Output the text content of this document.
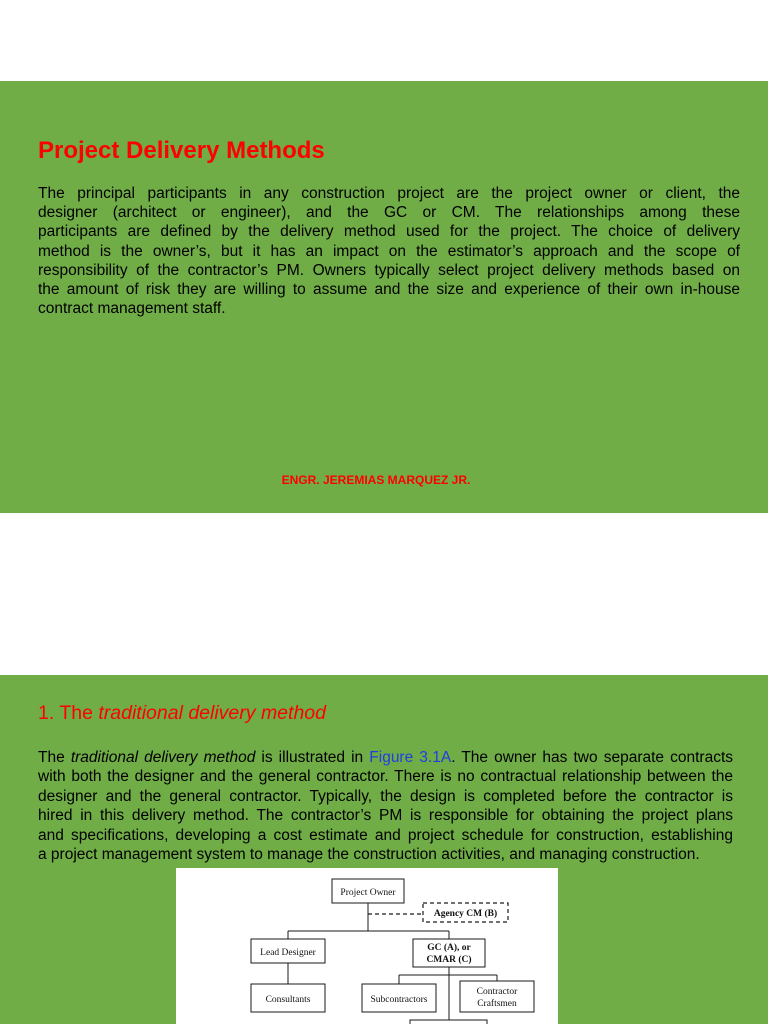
Project Delivery Methods
The principal participants in any construction project are the project owner or client, the
designer (architect or engineer), and the GC or CM. The relationships among these
participants are defined by the delivery method used for the project. The choice of delivery
method is the owner’s, but it has an impact on the estimator’s approach and the scope of
responsibility of the contractor’s PM. Owners typically select project delivery methods based on
the amount of risk they are willing to assume and the size and experience of their own in-house
contract management staff.
ENGR. JEREMIAS MARQUEZ JR.
1. The traditional delivery method
The traditional delivery method is illustrated in Figure 3.1A. The owner has two separate contracts
with both the designer and the general contractor. There is no contractual relationship between the
designer and the general contractor. Typically, the design is completed before the contractor is
hired in this delivery method. The contractor’s PM is responsible for obtaining the project plans
and specifications, developing a cost estimate and project schedule for construction, establishing
a project management system to manage the construction activities, and managing construction.
Project Owner
Agency CM (B)
Lead Designer	GC (A), or
CMAR (C)
Consultants	Subcontractors
Contractor
Craftsmen
